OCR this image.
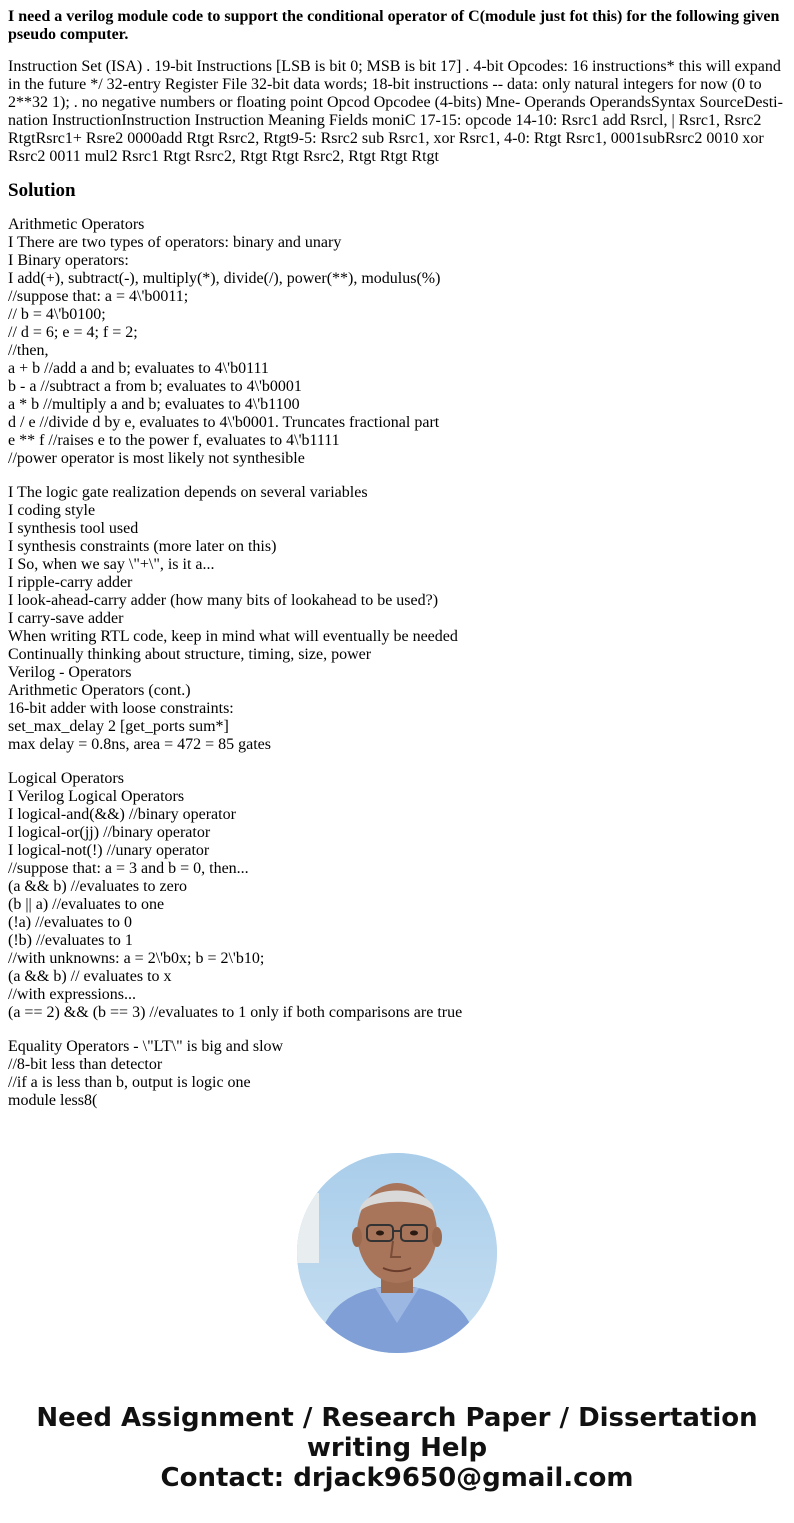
I need a verilog module code to support the conditional operator of C(module just fot this) for the following given pseudo computer.
Instruction Set (ISA) . 19-bit Instructions [LSB is bit 0; MSB is bit 17] . 4-bit Opcodes: 16 instructions* this will expand in the future */ 32-entry Register File 32-bit data words; 18-bit instructions -- data: only natural integers for now (0 to 2**32 1); . no negative numbers or floating point Opcod Opcodee (4-bits) Mne- Operands OperandsSyntax SourceDesti-nation InstructionInstruction Instruction Meaning Fields moniC 17-15: opcode 14-10: Rsrc1 add Rsrcl, | Rsrc1, Rsrc2 RtgtRsrc1+ Rsre2 0000add Rtgt Rsrc2, Rtgt9-5: Rsrc2 sub Rsrc1, xor Rsrc1, 4-0: Rtgt Rsrc1, 0001subRsrc2 0010 xor Rsrc2 0011 mul2 Rsrc1 Rtgt Rsrc2, Rtgt Rtgt Rsrc2, Rtgt Rtgt Rtgt
Solution
Arithmetic Operators
I There are two types of operators: binary and unary
I Binary operators:
I add(+), subtract(-), multiply(*), divide(/), power(**), modulus(%)
//suppose that: a = 4\'b0011;
// b = 4\'b0100;
// d = 6; e = 4; f = 2;
//then,
a + b //add a and b; evaluates to 4\'b0111
b - a //subtract a from b; evaluates to 4\'b0001
a * b //multiply a and b; evaluates to 4\'b1100
d / e //divide d by e, evaluates to 4\'b0001. Truncates fractional part
e ** f //raises e to the power f, evaluates to 4\'b1111
//power operator is most likely not synthesible
I The logic gate realization depends on several variables
I coding style
I synthesis tool used
I synthesis constraints (more later on this)
I So, when we say \"+\", is it a...
I ripple-carry adder
I look-ahead-carry adder (how many bits of lookahead to be used?)
I carry-save adder
When writing RTL code, keep in mind what will eventually be needed
Continually thinking about structure, timing, size, power
Verilog - Operators
Arithmetic Operators (cont.)
16-bit adder with loose constraints:
set_max_delay 2 [get_ports sum*]
max delay = 0.8ns, area = 472 = 85 gates
Logical Operators
I Verilog Logical Operators
I logical-and(&&) //binary operator
I logical-or(jj) //binary operator
I logical-not(!) //unary operator
//suppose that: a = 3 and b = 0, then...
(a && b) //evaluates to zero
(b || a) //evaluates to one
(!a) //evaluates to 0
(!b) //evaluates to 1
//with unknowns: a = 2\'b0x; b = 2\'b10;
(a && b) // evaluates to x
//with expressions...
(a == 2) && (b == 3) //evaluates to 1 only if both comparisons are true
Equality Operators - \"LT\" is big and slow
//8-bit less than detector
//if a is less than b, output is logic one
module less8(
Need Assignment / Research Paper / Dissertation
writing Help
Contact: drjack9650@gmail.com
